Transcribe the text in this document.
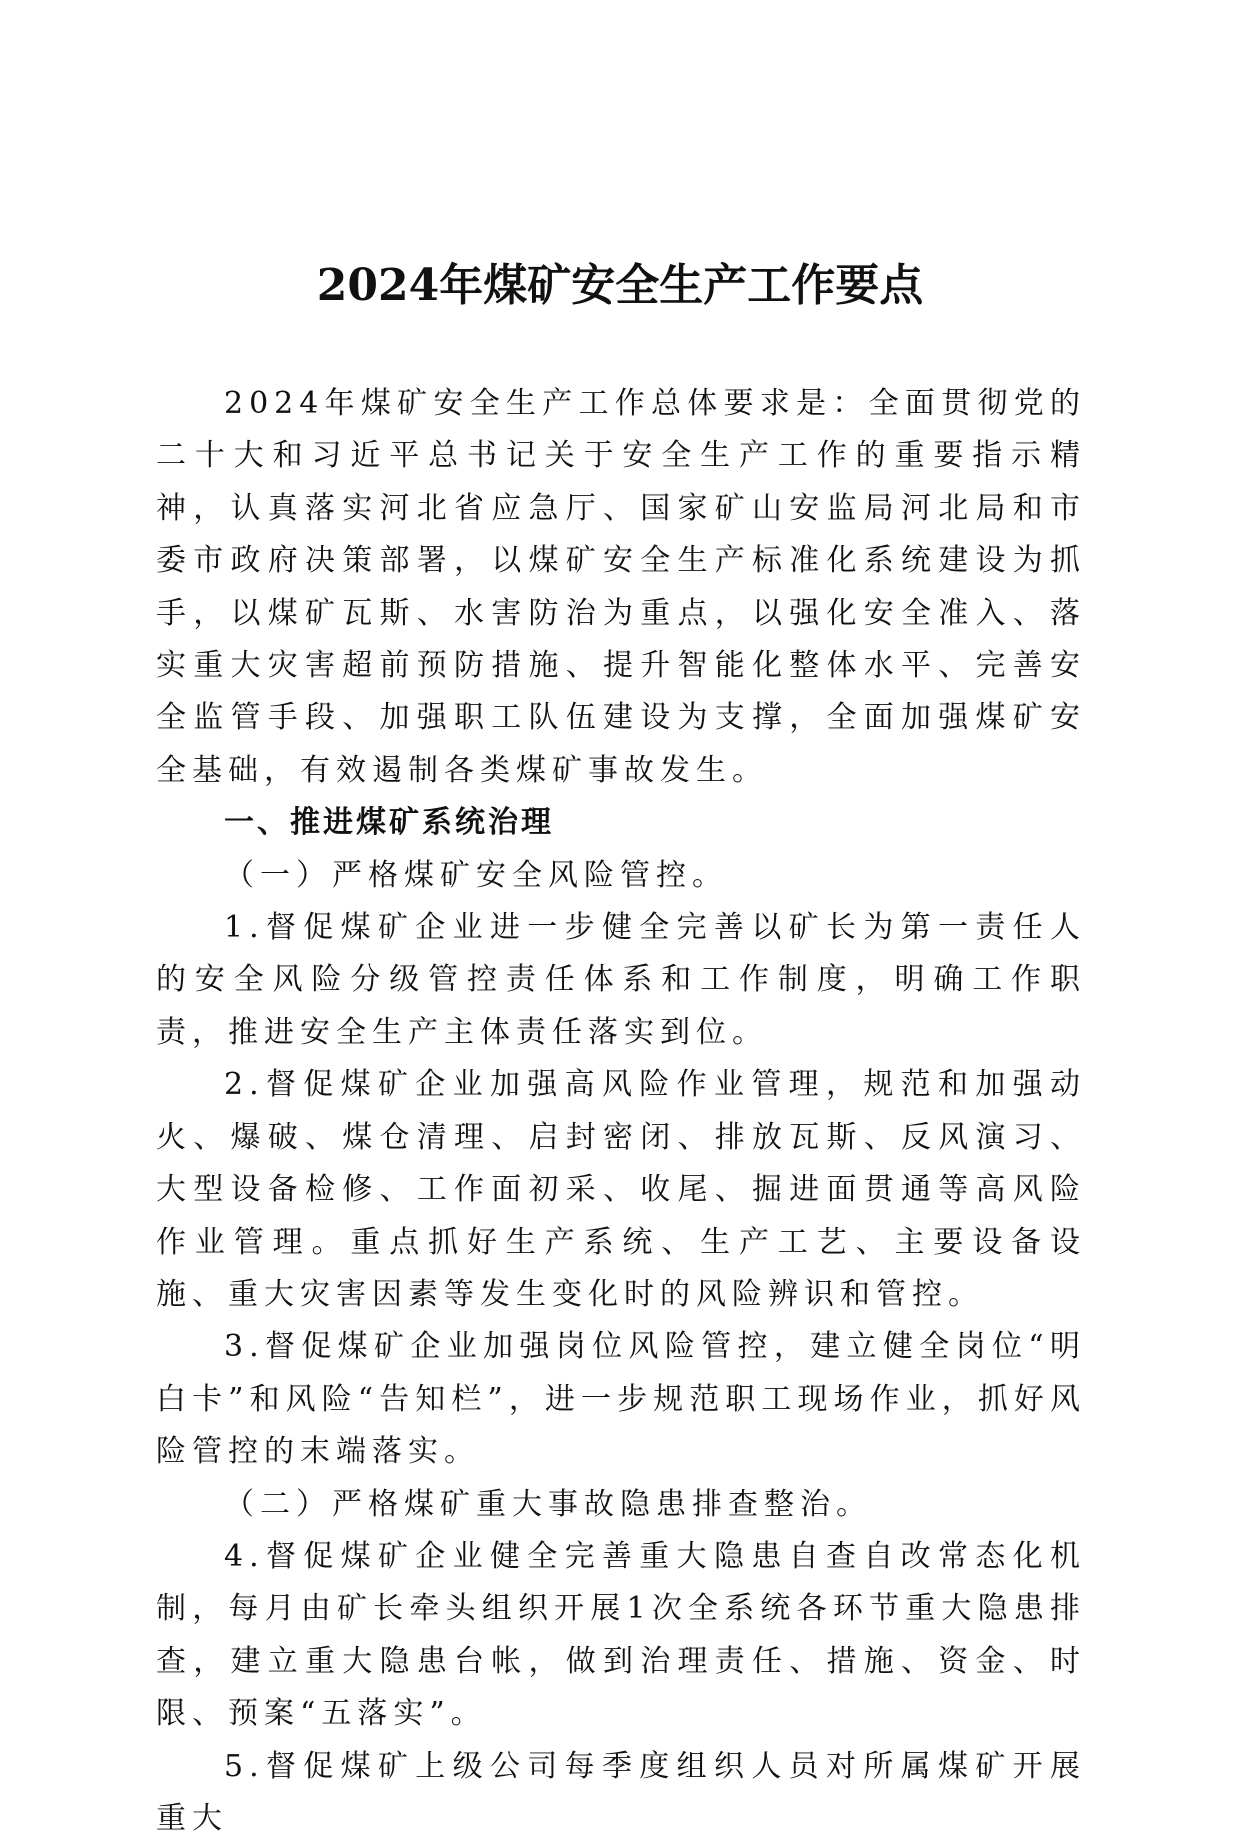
2024年煤矿安全生产工作要点

2024年煤矿安全生产工作总体要求是：全面贯彻党的二十大和习近平总书记关于安全生产工作的重要指示精神，认真落实河北省应急厅、国家矿山安监局河北局和市委市政府决策部署，以煤矿安全生产标准化系统建设为抓手，以煤矿瓦斯、水害防治为重点，以强化安全准入、落实重大灾害超前预防措施、提升智能化整体水平、完善安全监管手段、加强职工队伍建设为支撑，全面加强煤矿安全基础，有效遏制各类煤矿事故发生。

一、推进煤矿系统治理
（一）严格煤矿安全风险管控。

1.督促煤矿企业进一步健全完善以矿长为第一责任人的安全风险分级管控责任体系和工作制度，明确工作职责，推进安全生产主体责任落实到位。

2.督促煤矿企业加强高风险作业管理，规范和加强动火、爆破、煤仓清理、启封密闭、排放瓦斯、反风演习、大型设备检修、工作面初采、收尾、掘进面贯通等高风险作业管理。重点抓好生产系统、生产工艺、主要设备设施、重大灾害因素等发生变化时的风险辨识和管控。

3.督促煤矿企业加强岗位风险管控，建立健全岗位“明白卡”和风险“告知栏”，进一步规范职工现场作业，抓好风险管控的末端落实。

（二）严格煤矿重大事故隐患排查整治。

4.督促煤矿企业健全完善重大隐患自查自改常态化机制，每月由矿长牵头组织开展1次全系统各环节重大隐患排查，建立重大隐患台帐，做到治理责任、措施、资金、时限、预案“五落实”。

5.督促煤矿上级公司每季度组织人员对所属煤矿开展重大
